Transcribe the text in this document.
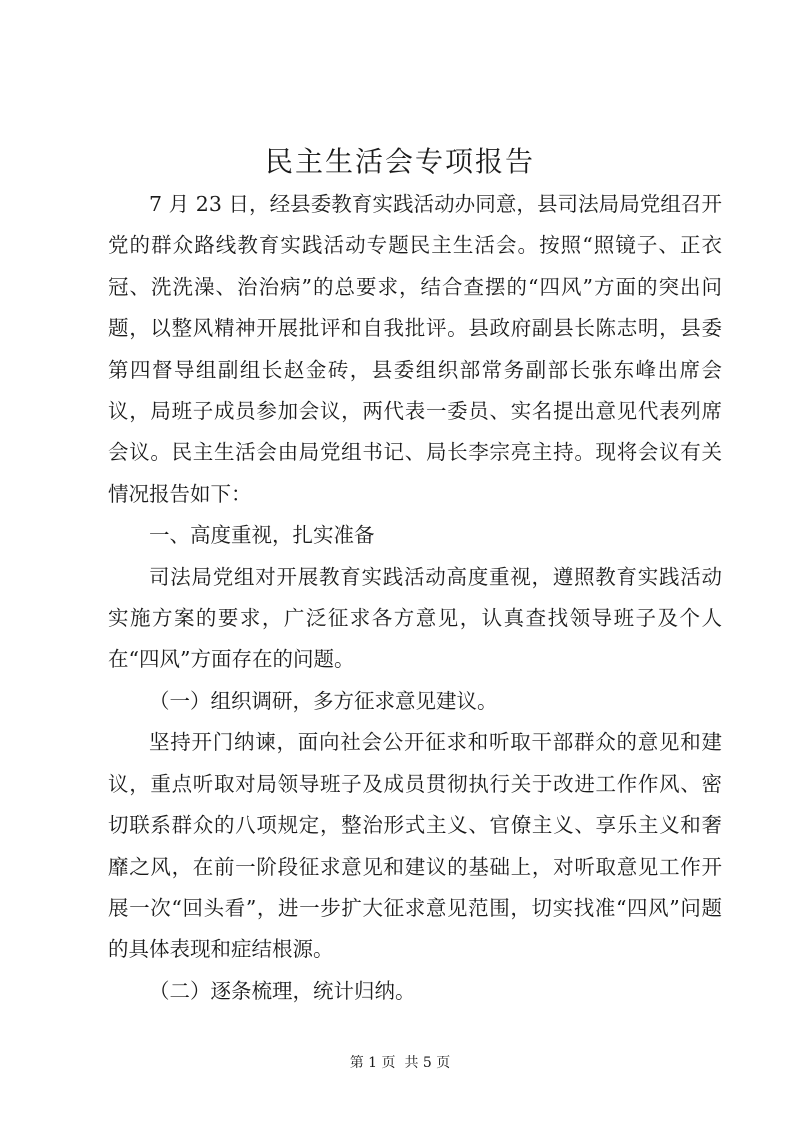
民主生活会专项报告

7 月 23 日，经县委教育实践活动办同意，县司法局局党组召开党的群众路线教育实践活动专题民主生活会。按照“照镜子、正衣冠、洗洗澡、治治病”的总要求，结合查摆的“四风”方面的突出问题，以整风精神开展批评和自我批评。县政府副县长陈志明，县委第四督导组副组长赵金砖，县委组织部常务副部长张东峰出席会议，局班子成员参加会议，两代表一委员、实名提出意见代表列席会议。民主生活会由局党组书记、局长李宗亮主持。现将会议有关情况报告如下：

一、高度重视，扎实准备

司法局党组对开展教育实践活动高度重视，遵照教育实践活动实施方案的要求，广泛征求各方意见，认真查找领导班子及个人在“四风”方面存在的问题。

（一）组织调研，多方征求意见建议。

坚持开门纳谏，面向社会公开征求和听取干部群众的意见和建议，重点听取对局领导班子及成员贯彻执行关于改进工作作风、密切联系群众的八项规定，整治形式主义、官僚主义、享乐主义和奢靡之风，在前一阶段征求意见和建议的基础上，对听取意见工作开展一次“回头看”，进一步扩大征求意见范围，切实找准“四风”问题的具体表现和症结根源。

（二）逐条梳理，统计归纳。

第 1 页  共 5 页
